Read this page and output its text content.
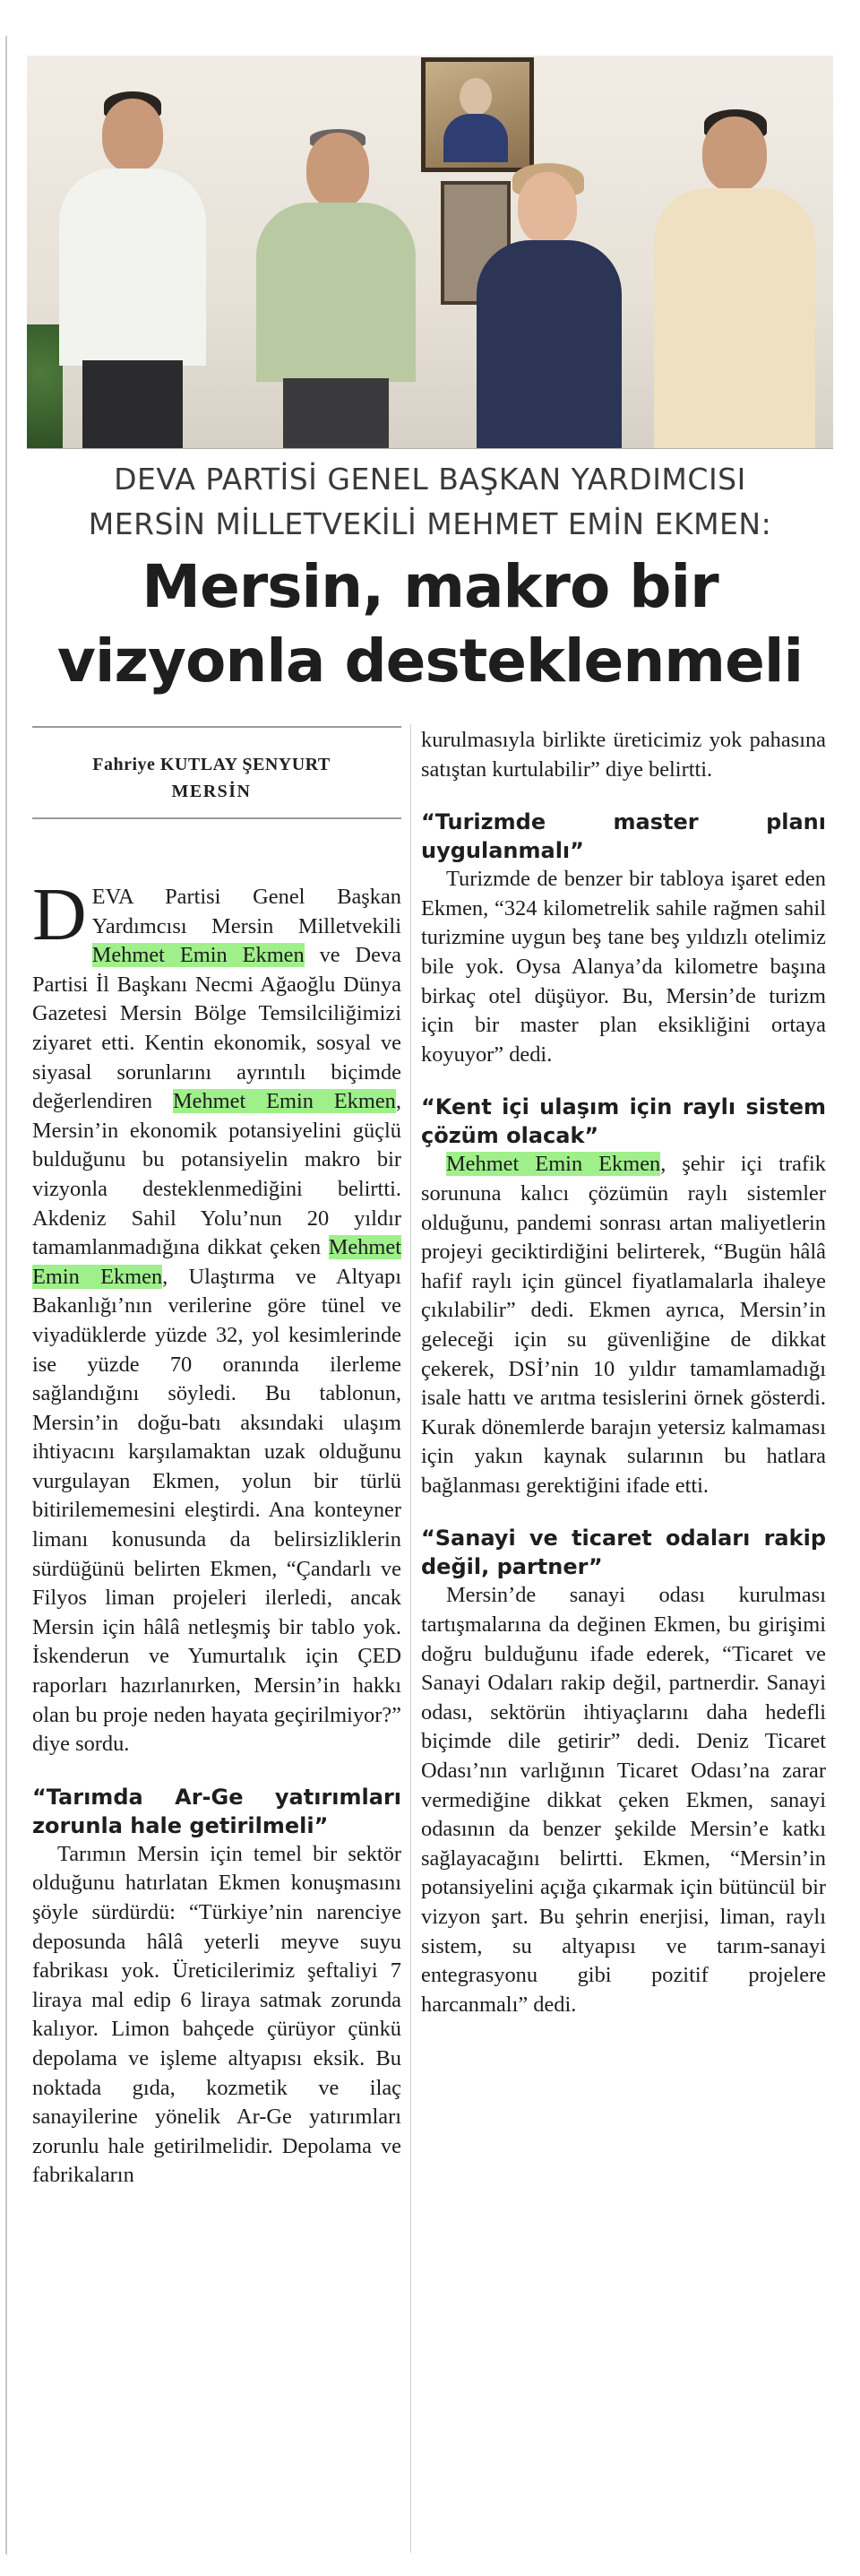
DEVA PARTİSİ GENEL BAŞKAN YARDIMCISI
MERSİN MİLLETVEKİLİ MEHMET EMİN EKMEN:
Mersin, makro bir
vizyonla desteklenmeli
Fahriye KUTLAY ŞENYURT
MERSİN

DEVA Partisi Genel Başkan Yardımcısı Mersin Milletvekili Mehmet Emin Ekmen ve Deva Partisi İl Başkanı Necmi Ağaoğlu Dünya Gazetesi Mersin Bölge Temsilciliğimizi ziyaret etti. Kentin ekonomik, sosyal ve siyasal sorunlarını ayrıntılı biçimde değerlendiren Mehmet Emin Ekmen, Mersin’in ekonomik potansiyelini güçlü bulduğunu bu potansiyelin makro bir vizyonla desteklenmediğini belirtti. Akdeniz Sahil Yolu’nun 20 yıldır tamamlanmadığına dikkat çeken Mehmet Emin Ekmen, Ulaştırma ve Altyapı Bakanlığı’nın verilerine göre tünel ve viyadüklerde yüzde 32, yol kesimlerinde ise yüzde 70 oranında ilerleme sağlandığını söyledi. Bu tablonun, Mersin’in doğu-batı aksındaki ulaşım ihtiyacını karşılamaktan uzak olduğunu vurgulayan Ekmen, yolun bir türlü bitirilememesini eleştirdi. Ana konteyner limanı konusunda da belirsizliklerin sürdüğünü belirten Ekmen, “Çandarlı ve Filyos liman projeleri ilerledi, ancak Mersin için hâlâ netleşmiş bir tablo yok. İskenderun ve Yumurtalık için ÇED raporları hazırlanırken, Mersin’in hakkı olan bu proje neden hayata geçirilmiyor?” diye sordu.

“Tarımda Ar-Ge yatırımları zorunla hale getirilmeli”

Tarımın Mersin için temel bir sektör olduğunu hatırlatan Ekmen konuşmasını şöyle sürdürdü: “Türkiye’nin narenciye deposunda hâlâ yeterli meyve suyu fabrikası yok. Üreticilerimiz şeftaliyi 7 liraya mal edip 6 liraya satmak zorunda kalıyor. Limon bahçede çürüyor çünkü depolama ve işleme altyapısı eksik. Bu noktada gıda, kozmetik ve ilaç sanayilerine yönelik Ar-Ge yatırımları zorunlu hale getirilmelidir. Depolama ve fabrikaların

kurulmasıyla birlikte üreticimiz yok pahasına satıştan kurtulabilir” diye belirtti.

“Turizmde master planı uygulanmalı”

Turizmde de benzer bir tabloya işaret eden Ekmen, “324 kilometrelik sahile rağmen sahil turizmine uygun beş tane beş yıldızlı otelimiz bile yok. Oysa Alanya’da kilometre başına birkaç otel düşüyor. Bu, Mersin’de turizm için bir master plan eksikliğini ortaya koyuyor” dedi.

“Kent içi ulaşım için raylı sistem çözüm olacak”

Mehmet Emin Ekmen, şehir içi trafik sorununa kalıcı çözümün raylı sistemler olduğunu, pandemi sonrası artan maliyetlerin projeyi geciktirdiğini belirterek, “Bugün hâlâ hafif raylı için güncel fiyatlamalarla ihaleye çıkılabilir” dedi. Ekmen ayrıca, Mersin’in geleceği için su güvenliğine de dikkat çekerek, DSİ’nin 10 yıldır tamamlamadığı isale hattı ve arıtma tesislerini örnek gösterdi. Kurak dönemlerde barajın yetersiz kalmaması için yakın kaynak sularının bu hatlara bağlanması gerektiğini ifade etti.

“Sanayi ve ticaret odaları rakip değil, partner”

Mersin’de sanayi odası kurulması tartışmalarına da değinen Ekmen, bu girişimi doğru bulduğunu ifade ederek, “Ticaret ve Sanayi Odaları rakip değil, partnerdir. Sanayi odası, sektörün ihtiyaçlarını daha hedefli biçimde dile getirir” dedi. Deniz Ticaret Odası’nın varlığının Ticaret Odası’na zarar vermediğine dikkat çeken Ekmen, sanayi odasının da benzer şekilde Mersin’e katkı sağlayacağını belirtti. Ekmen, “Mersin’in potansiyelini açığa çıkarmak için bütüncül bir vizyon şart. Bu şehrin enerjisi, liman, raylı sistem, su altyapısı ve tarım-sanayi entegrasyonu gibi pozitif projelere harcanmalı” dedi.
